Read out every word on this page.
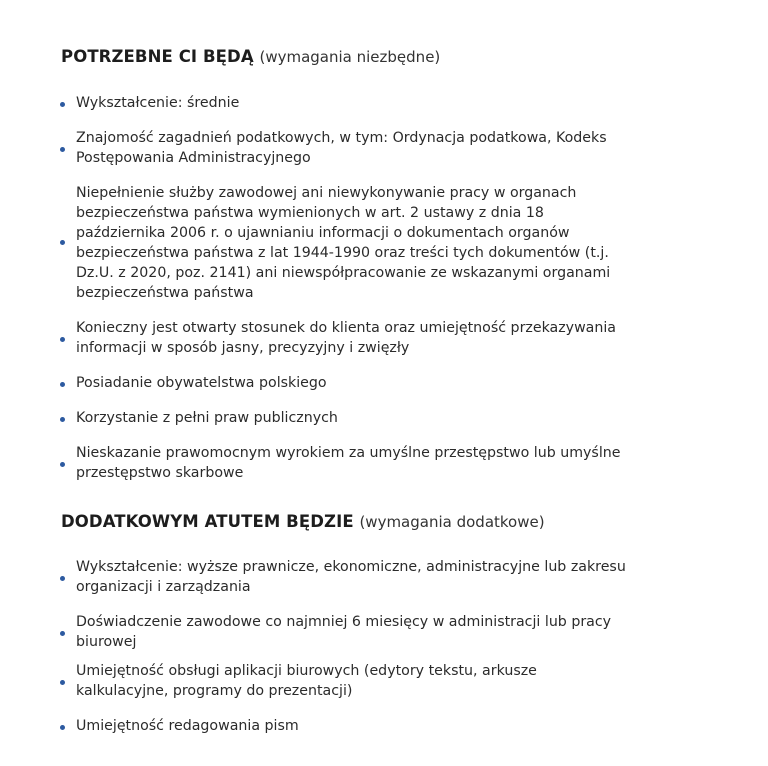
POTRZEBNE CI BĘDĄ (wymagania niezbędne)
Wykształcenie: średnie
Znajomość zagadnień podatkowych, w tym: Ordynacja podatkowa, Kodeks Postępowania Administracyjnego
Niepełnienie służby zawodowej ani niewykonywanie pracy w organach bezpieczeństwa państwa wymienionych w art. 2 ustawy z dnia 18 października 2006 r. o ujawnianiu informacji o dokumentach organów bezpieczeństwa państwa z lat 1944-1990 oraz treści tych dokumentów (t.j. Dz.U. z 2020, poz. 2141) ani niewspółpracowanie ze wskazanymi organami bezpieczeństwa państwa
Konieczny jest otwarty stosunek do klienta oraz umiejętność przekazywania informacji w sposób jasny, precyzyjny i zwięzły
Posiadanie obywatelstwa polskiego
Korzystanie z pełni praw publicznych
Nieskazanie prawomocnym wyrokiem za umyślne przestępstwo lub umyślne przestępstwo skarbowe
DODATKOWYM ATUTEM BĘDZIE (wymagania dodatkowe)
Wykształcenie: wyższe prawnicze, ekonomiczne, administracyjne lub zakresu organizacji i zarządzania
Doświadczenie zawodowe co najmniej 6 miesięcy w administracji lub pracy biurowej
Umiejętność obsługi aplikacji biurowych (edytory tekstu, arkusze kalkulacyjne, programy do prezentacji)
Umiejętność redagowania pism
